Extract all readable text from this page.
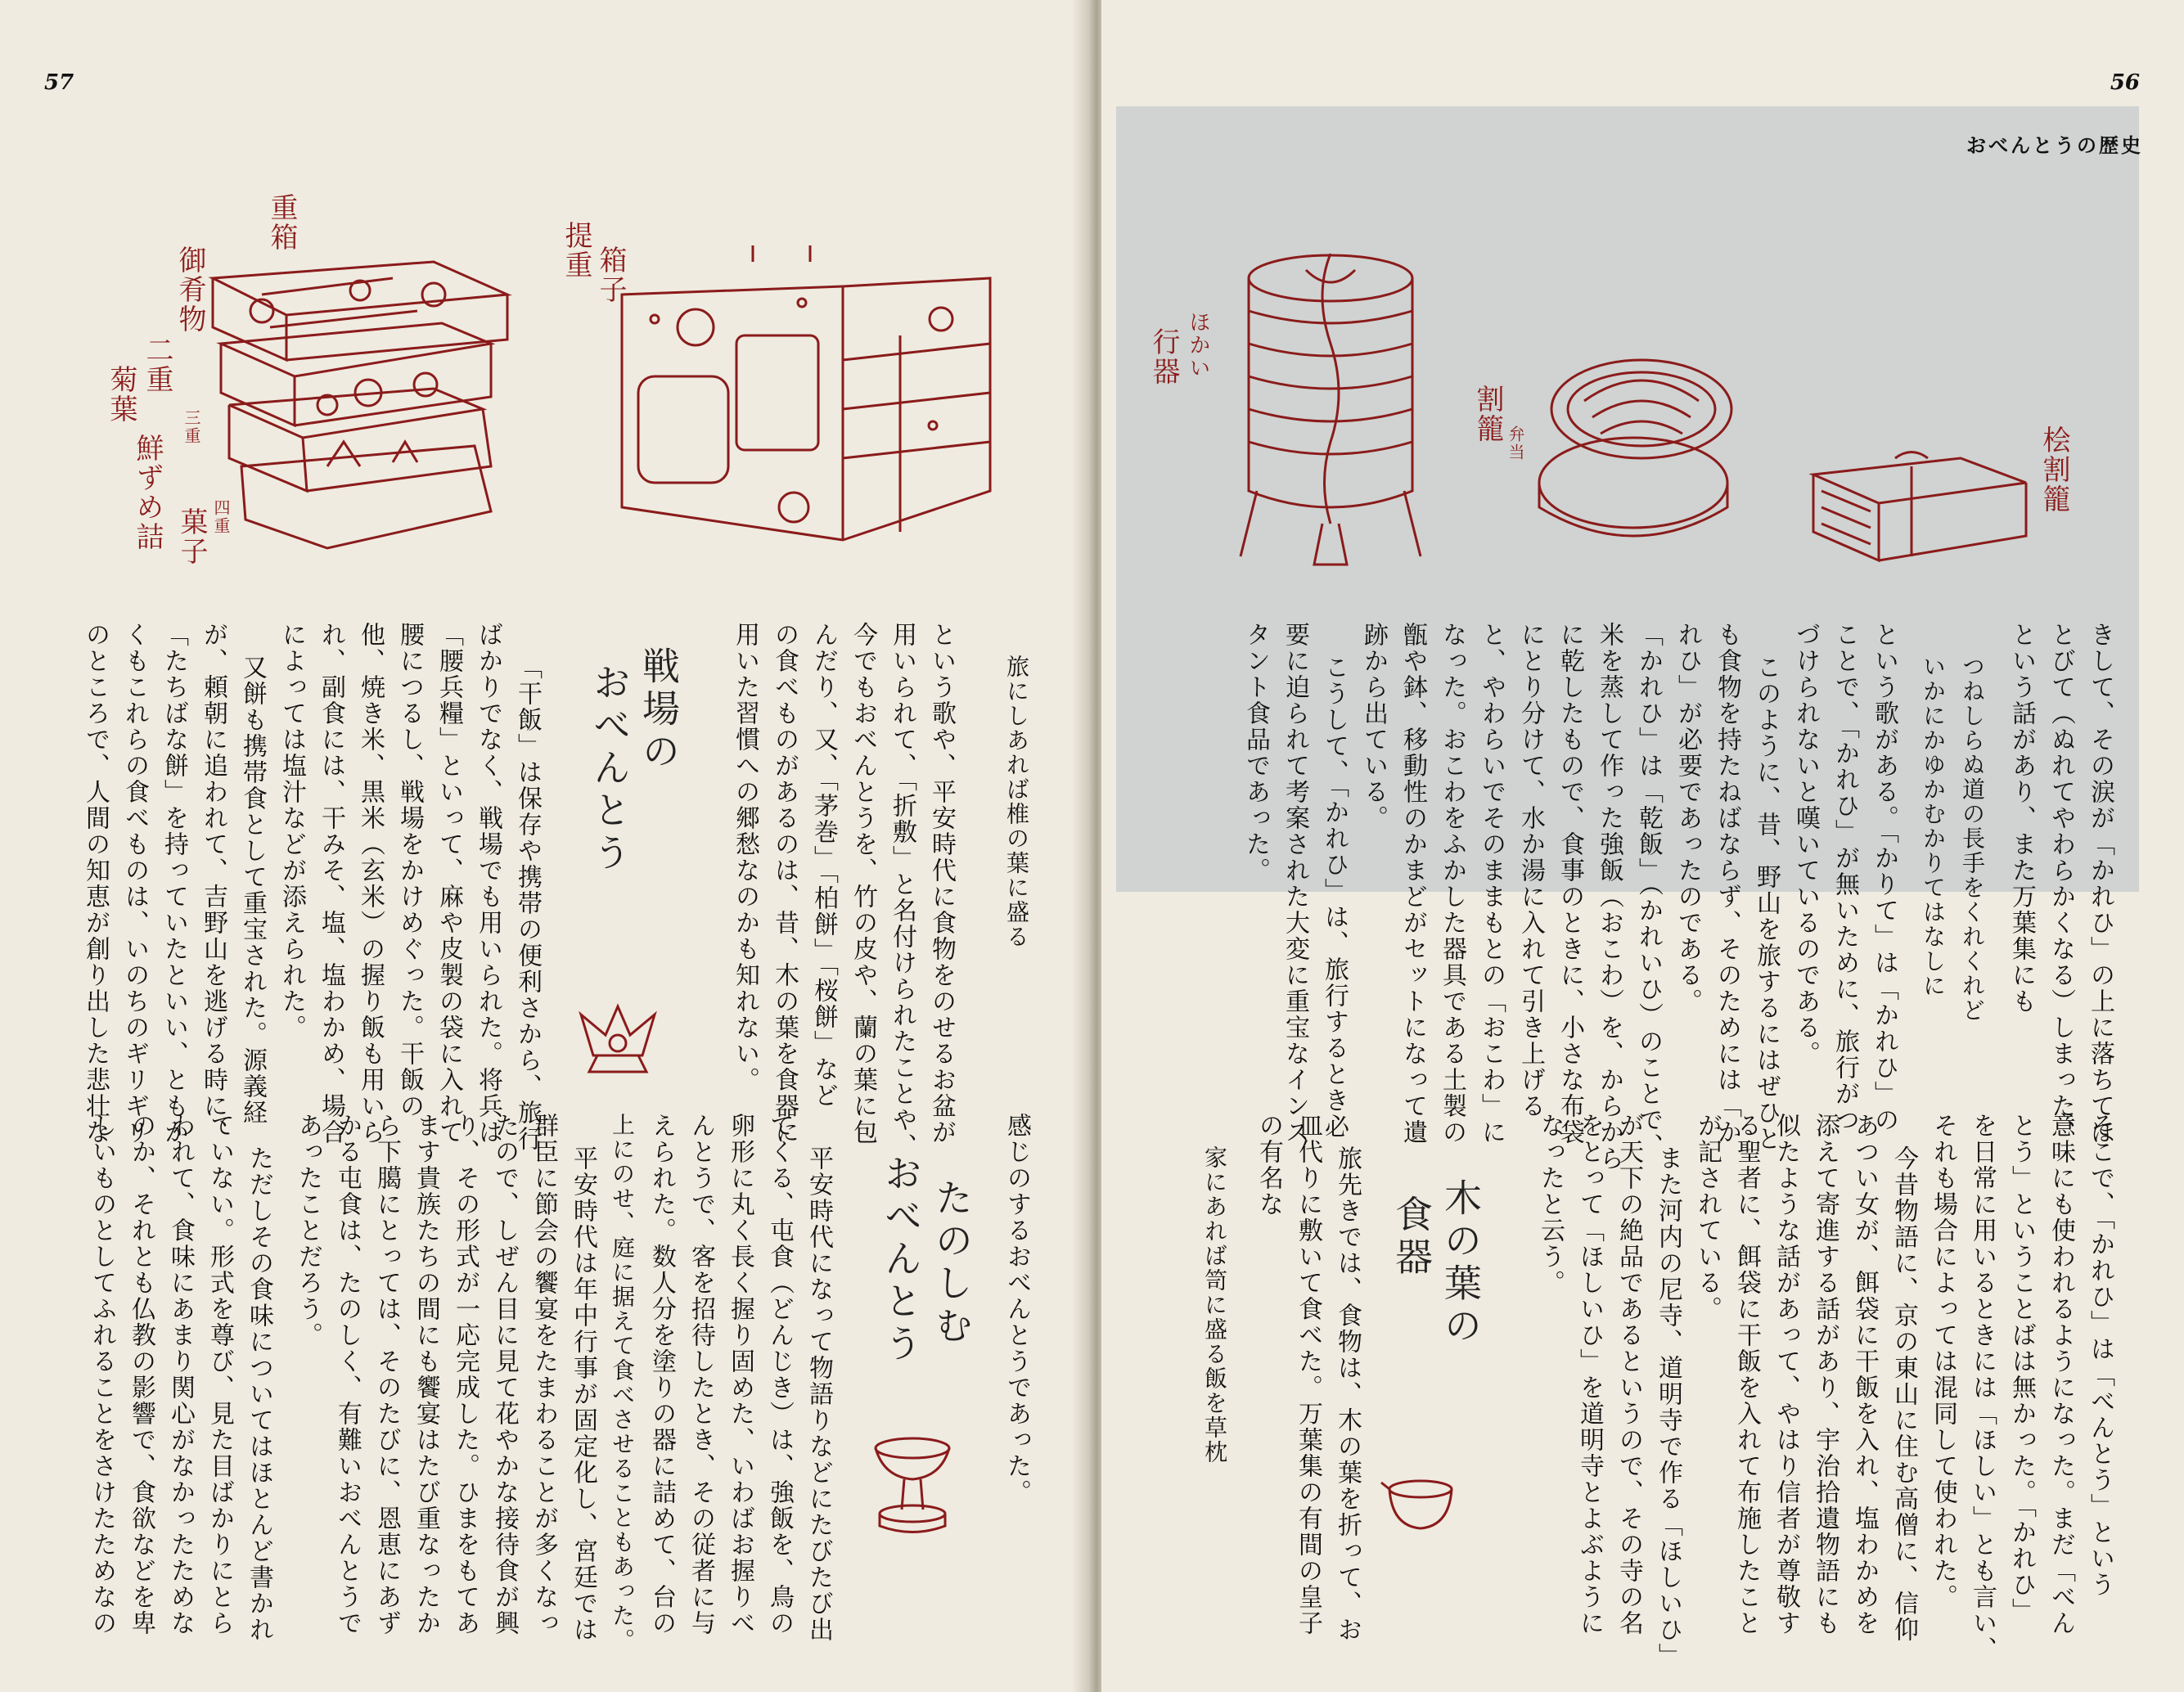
57
重箱
御肴物
二重
菊葉
三重
鮮ずめ詰	四重
菓子
提重 箱子
旅にしあれば椎の葉に盛る
という歌や、平安時代に食物をのせるお盆が
用いられて、「折敷」と名付けられたことや、
今でもおべんとうを、竹の皮や、蘭の葉に包
んだり、又、「茅巻」「柏餅」「桜餅」など
の食べものがあるのは、昔、木の葉を食器に
用いた習慣への郷愁なのかも知れない。
戦場の
おべんとう
「干飯」は保存や携帯の便利さから、旅行
ばかりでなく、戦場でも用いられた。将兵は
「腰兵糧」といって、麻や皮製の袋に入れて
腰につるし、戦場をかけめぐった。干飯の
他、焼き米、黒米（玄米）の握り飯も用いら
れ、副食には、干みそ、塩、塩わかめ、場合
によっては塩汁などが添えられた。
又餅も携帯食として重宝された。源義経
が、頼朝に追われて、吉野山を逃げる時に、
「たちばな餅」を持っていたといい、ともか
くもこれらの食べものは、いのちのギリギリ
のところで、人間の知恵が創り出した悲壮な
感じのするおべんとうであった。
たのしむ
おべんとう
平安時代になって物語りなどにたびたび出
てくる、屯食（どんじき）は、強飯を、鳥の
卵形に丸く長く握り固めた、いわばお握りべ
んとうで、客を招待したとき、その従者に与
えられた。数人分を塗りの器に詰めて、台の
上にのせ、庭に据えて食べさせることもあった。
平安時代は年中行事が固定化し、宮廷では
群臣に節会の饗宴をたまわることが多くなっ
たので、しぜん目に見て花やかな接待食が興
り、その形式が一応完成した。ひまをもてあ
ます貴族たちの間にも饗宴はたび重なったか
ら下臈にとっては、そのたびに、恩恵にあず
かる屯食は、たのしく、有難いおべんとうで
あったことだろう。
ただしその食味についてはほとんど書かれ
ていない。形式を尊び、見た目ばかりにとら
われて、食味にあまり関心がなかったためな
のか、それとも仏教の影響で、食欲などを卑
しいものとしてふれることをさけたためなの
56
おべんとうの歴史
行器 ほかい
割籠 弁当	桧割籠
きして、その涙が「かれひ」の上に落ちてほ
とびて（ぬれてやわらかくなる）しまった、
という話があり、また万葉集にも
つねしらぬ道の長手をくれくれど
いかにかゆかむかりてはなしに
という歌がある。「かりて」は「かれひ」の
ことで、「かれひ」が無いために、旅行がつ
づけられないと嘆いているのである。
このように、昔、野山を旅するにはぜひと
も食物を持たねばならず、そのためには「か
れひ」が必要であったのである。
「かれひ」は「乾飯」（かれいひ）のことで、
米を蒸して作った強飯（おこわ）を、からから
に乾したもので、食事のときに、小さな布袋
にとり分けて、水か湯に入れて引き上げる
と、やわらいでそのままもとの「おこわ」に
なった。おこわをふかした器具である土製の
甑や鉢、移動性のかまどがセットになって遺
跡から出ている。
こうして、「かれひ」は、旅行するとき必
要に迫られて考案された大変に重宝なインス
タント食品であった。
そこで、「かれひ」は「べんとう」という
意味にも使われるようになった。まだ「べん
とう」ということばは無かった。「かれひ」
を日常に用いるときには「ほしい」とも言い、
それも場合によっては混同して使われた。
今昔物語に、京の東山に住む高僧に、信仰
あつい女が、餌袋に干飯を入れ、塩わかめを
添えて寄進する話があり、宇治拾遺物語にも
似たような話があって、やはり信者が尊敬す
る聖者に、餌袋に干飯を入れて布施したこと
が記されている。
また河内の尼寺、道明寺で作る「ほしいひ」
が天下の絶品であるというので、その寺の名
をとって「ほしいひ」を道明寺とよぶように
なったと云う。
木の葉の
食器
旅先きでは、食物は、木の葉を折って、お
皿代りに敷いて食べた。万葉集の有間の皇子
の有名な
家にあれば笥に盛る飯を草枕
